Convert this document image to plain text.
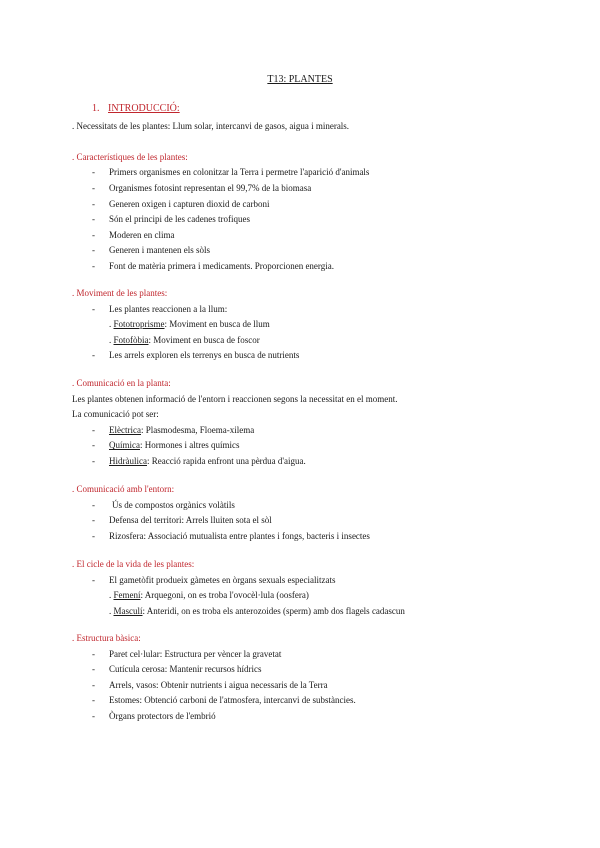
T13: PLANTES
1. INTRODUCCIÓ:
. Necessitats de les plantes: Llum solar, intercanvi de gasos, aigua i minerals.
. Característiques de les plantes:
- Primers organismes en colonitzar la Terra i permetre l'aparició d'animals
- Organismes fotosint representan el 99,7% de la biomasa
- Generen oxigen i capturen dioxid de carboni
- Són el principi de les cadenes trofiques
- Moderen en clima
- Generen i mantenen els sòls
- Font de matèria primera i medicaments. Proporcionen energia.
. Moviment de les plantes:
- Les plantes reaccionen a la llum:
. Fototroprisme: Moviment en busca de llum
. Fotofòbia: Moviment en busca de foscor
- Les arrels exploren els terrenys en busca de nutrients
. Comunicació en la planta:
Les plantes obtenen informació de l'entorn i reaccionen segons la necessitat en el moment.
La comunicació pot ser:
- Elèctrica: Plasmodesma, Floema-xilema
- Química: Hormones i altres químics
- Hidràulica: Reacció rapida enfront una pèrdua d'aigua.
. Comunicació amb l'entorn:
- Ús de compostos orgànics volàtils
- Defensa del territori: Arrels lluiten sota el sòl
- Rizosfera: Associació mutualista entre plantes i fongs, bacteris i insectes
. El cicle de la vida de les plantes:
- El gametòfit produeix gàmetes en òrgans sexuals especialitzats
. Femení: Arquegoni, on es troba l'ovocèl·lula (oosfera)
. Masculí: Anteridi, on es troba els anterozoides (sperm) amb dos flagels cadascun
. Estructura bàsica:
- Paret cel·lular: Estructura per vèncer la gravetat
- Cutícula cerosa: Mantenir recursos hídrics
- Arrels, vasos: Obtenir nutrients i aigua necessaris de la Terra
- Estomes: Obtenció carboni de l'atmosfera, intercanvi de substàncies.
- Òrgans protectors de l'embrió
